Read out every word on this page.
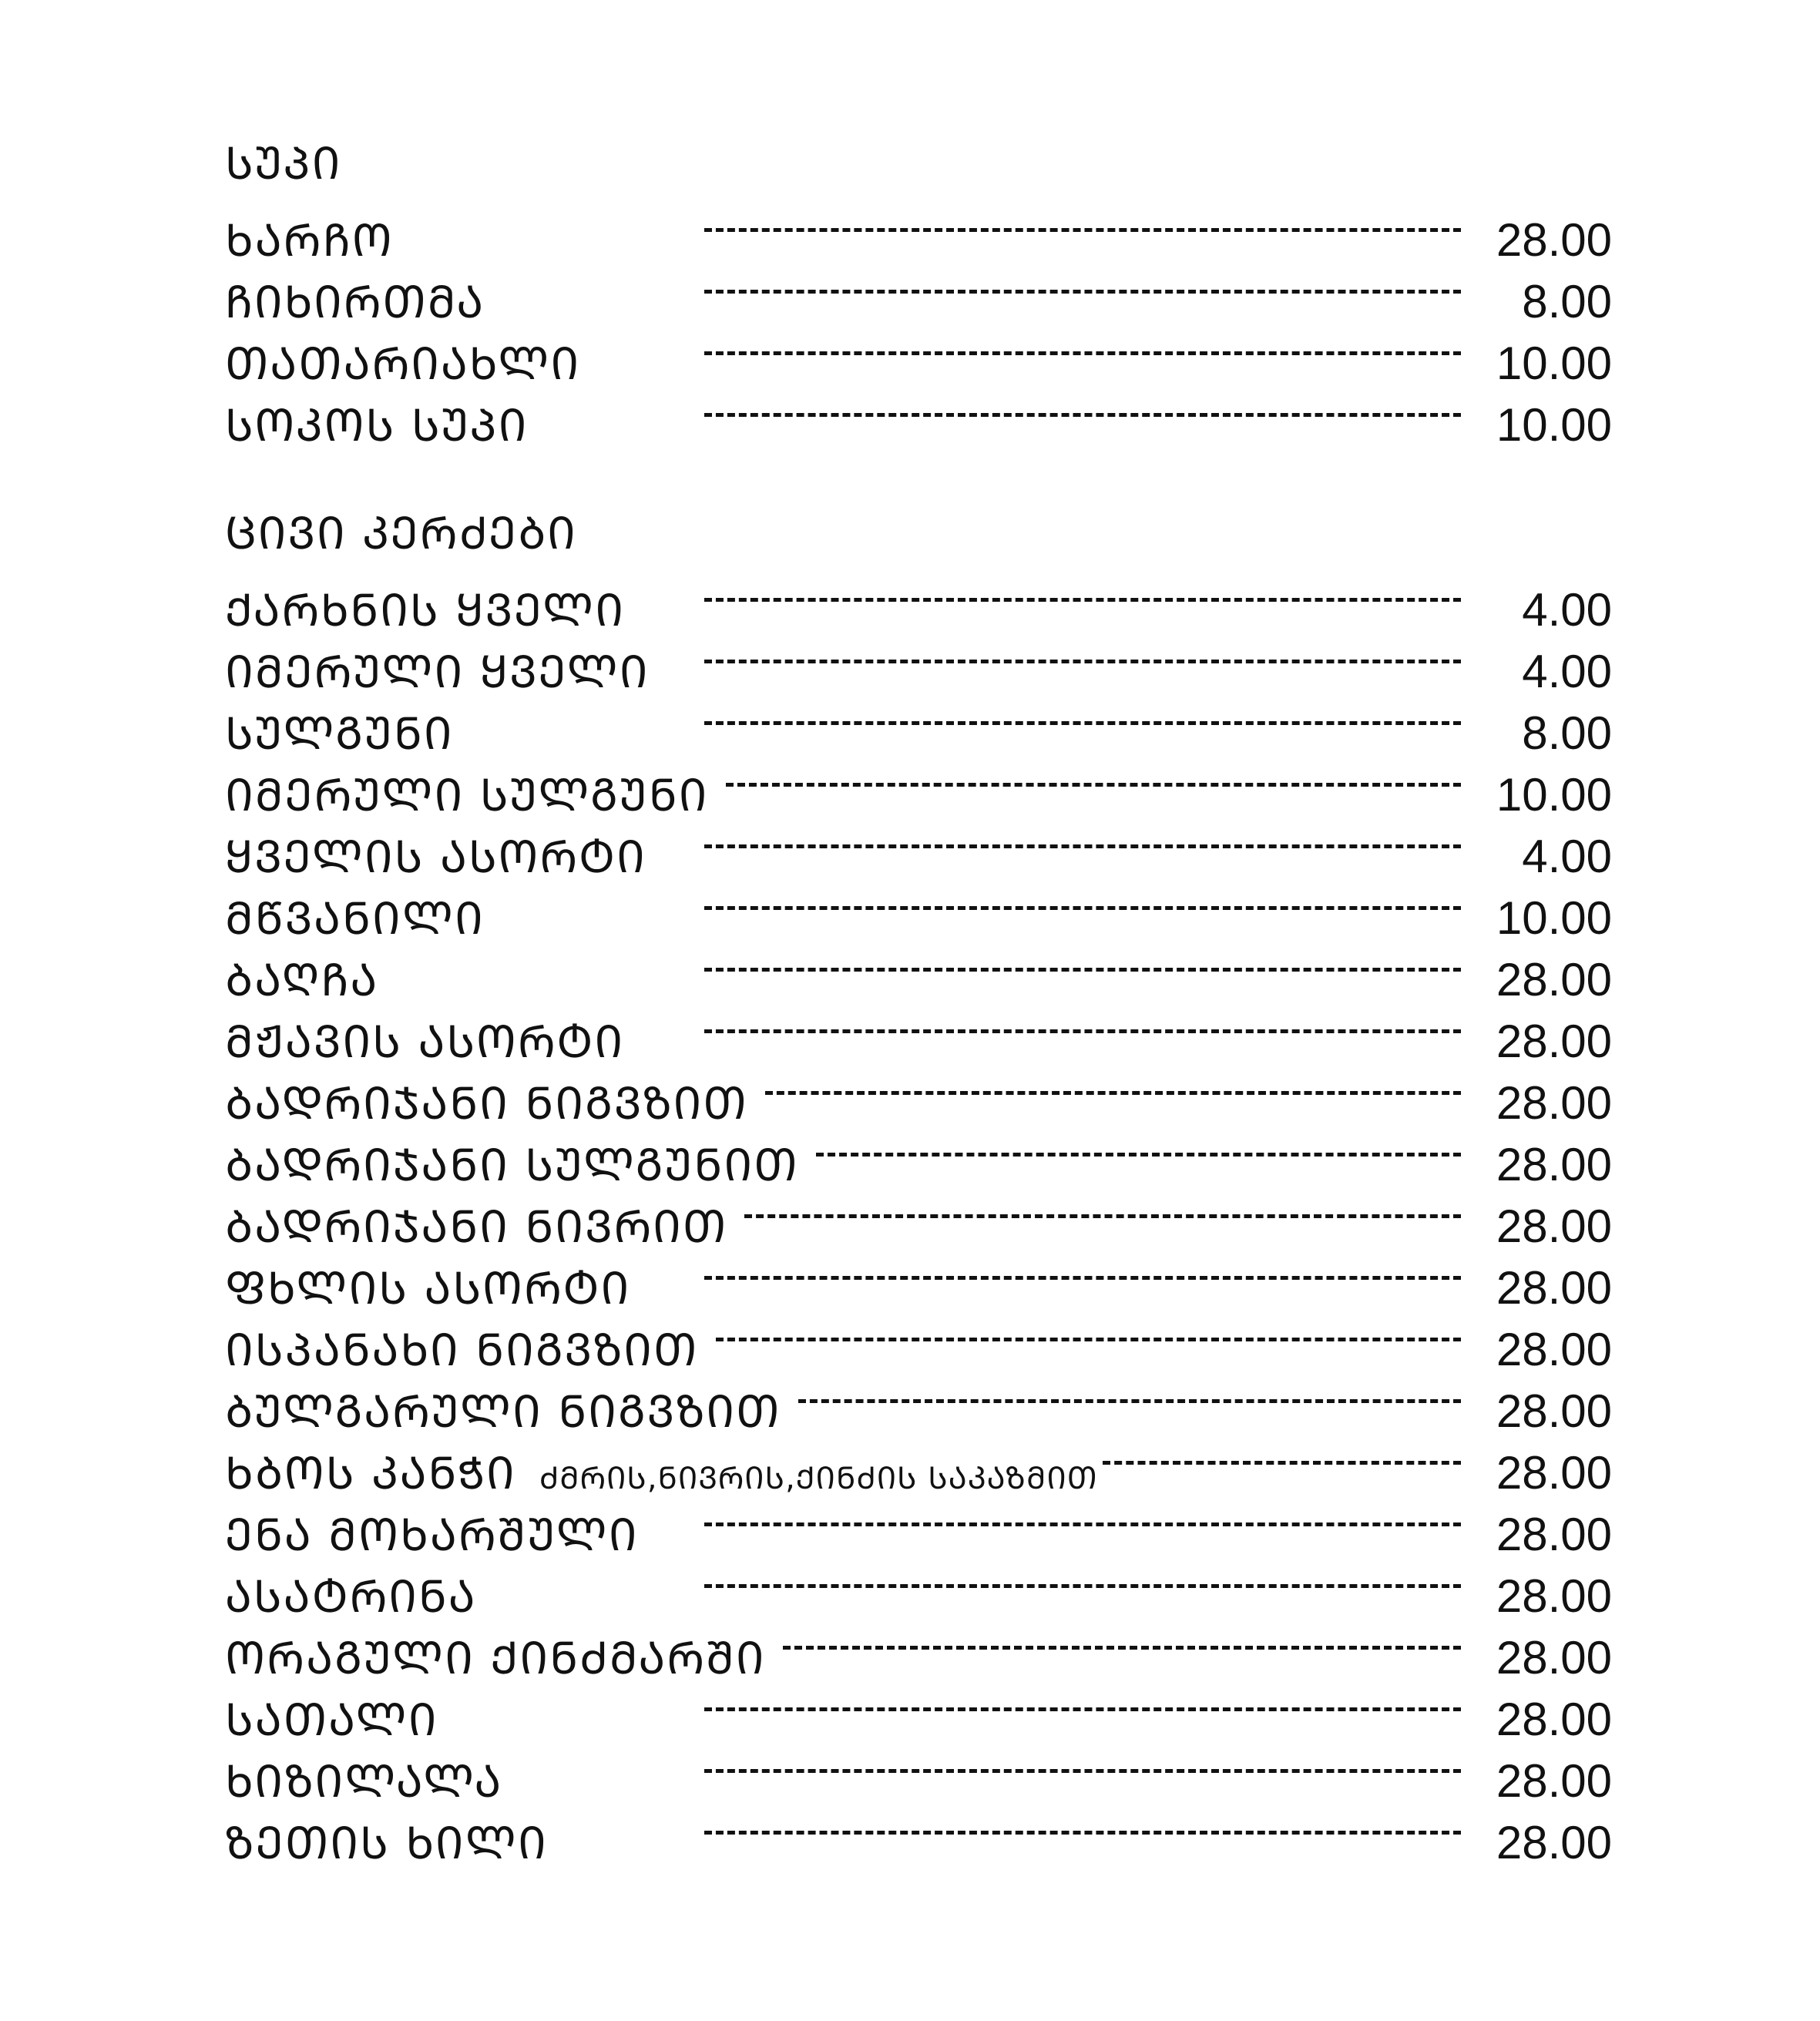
ᲡᲣᲞᲘ
ᲮᲐᲠᲩᲝ	28.00
ᲩᲘᲮᲘᲠᲗᲛᲐ	8.00
ᲗᲐᲗᲐᲠᲘᲐᲮᲚᲘ	10.00
ᲡᲝᲙᲝᲡ ᲡᲣᲞᲘ	10.00
ᲪᲘᲕᲘ ᲙᲔᲠᲫᲔᲑᲘ
ᲥᲐᲠᲮᲜᲘᲡ ᲧᲕᲔᲚᲘ	4.00
ᲘᲛᲔᲠᲣᲚᲘ ᲧᲕᲔᲚᲘ	4.00
ᲡᲣᲚᲒᲣᲜᲘ	8.00
ᲘᲛᲔᲠᲣᲚᲘ ᲡᲣᲚᲒᲣᲜᲘ	10.00
ᲧᲕᲔᲚᲘᲡ ᲐᲡᲝᲠᲢᲘ	4.00
ᲛᲬᲕᲐᲜᲘᲚᲘ	10.00
ᲑᲐᲦᲩᲐ	28.00
ᲛᲟᲐᲕᲘᲡ ᲐᲡᲝᲠᲢᲘ	28.00
ᲑᲐᲓᲠᲘᲯᲐᲜᲘ ᲜᲘᲒᲕᲖᲘᲗ	28.00
ᲑᲐᲓᲠᲘᲯᲐᲜᲘ ᲡᲣᲚᲒᲣᲜᲘᲗ	28.00
ᲑᲐᲓᲠᲘᲯᲐᲜᲘ ᲜᲘᲕᲠᲘᲗ	28.00
ᲤᲮᲚᲘᲡ ᲐᲡᲝᲠᲢᲘ	28.00
ᲘᲡᲞᲐᲜᲐᲮᲘ ᲜᲘᲒᲕᲖᲘᲗ	28.00
ᲑᲣᲚᲒᲐᲠᲣᲚᲘ ᲜᲘᲒᲕᲖᲘᲗ	28.00
ᲮᲑᲝᲡ ᲙᲐᲜᲭᲘ ᲫᲛᲠᲘᲡ,ᲜᲘᲕᲠᲘᲡ,ᲥᲘᲜᲫᲘᲡ ᲡᲐᲙᲐᲖᲛᲘᲗ	28.00
ᲔᲜᲐ ᲛᲝᲮᲐᲠᲨᲣᲚᲘ	28.00
ᲐᲡᲐᲢᲠᲘᲜᲐ	28.00
ᲝᲠᲐᲒᲣᲚᲘ ᲥᲘᲜᲫᲛᲐᲠᲨᲘ	28.00
ᲡᲐᲗᲐᲚᲘ	28.00
ᲮᲘᲖᲘᲚᲐᲚᲐ	28.00
ᲖᲔᲗᲘᲡ ᲮᲘᲚᲘ	28.00
